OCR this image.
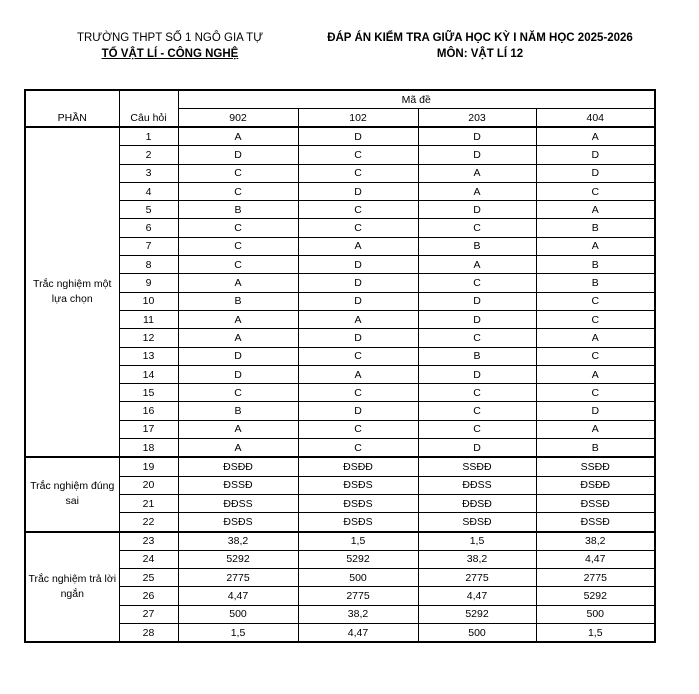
TRƯỜNG THPT SỐ 1 NGÔ GIA TỰ
TỔ VẬT LÍ - CÔNG NGHỆ
ĐÁP ÁN KIỂM TRA GIỮA HỌC KỲ I NĂM HỌC 2025-2026
MÔN: VẬT LÍ 12
PHẦN	Câu hỏi	Mã đề			
		902	102	203	404
Trắc nghiệm một lựa chọn	1	A	D	D	A
	2	D	C	D	D
	3	C	C	A	D
	4	C	D	A	C
	5	B	C	D	A
	6	C	C	C	B
	7	C	A	B	A
	8	C	D	A	B
	9	A	D	C	B
	10	B	D	D	C
	11	A	A	D	C
	12	A	D	C	A
	13	D	C	B	C
	14	D	A	D	A
	15	C	C	C	C
	16	B	D	C	D
	17	A	C	C	A
	18	A	C	D	B
Trắc nghiệm đúng sai	19	ĐSĐĐ	ĐSĐĐ	SSĐĐ	SSĐĐ
	20	ĐSSĐ	ĐSĐS	ĐĐSS	ĐSĐĐ
	21	ĐĐSS	ĐSĐS	ĐĐSĐ	ĐSSĐ
	22	ĐSĐS	ĐSĐS	SĐSĐ	ĐSSĐ
Trắc nghiệm trả lời ngắn	23	38,2	1,5	1,5	38,2
	24	5292	5292	38,2	4,47
	25	2775	500	2775	2775
	26	4,47	2775	4,47	5292
	27	500	38,2	5292	500
	28	1,5	4,47	500	1,5
